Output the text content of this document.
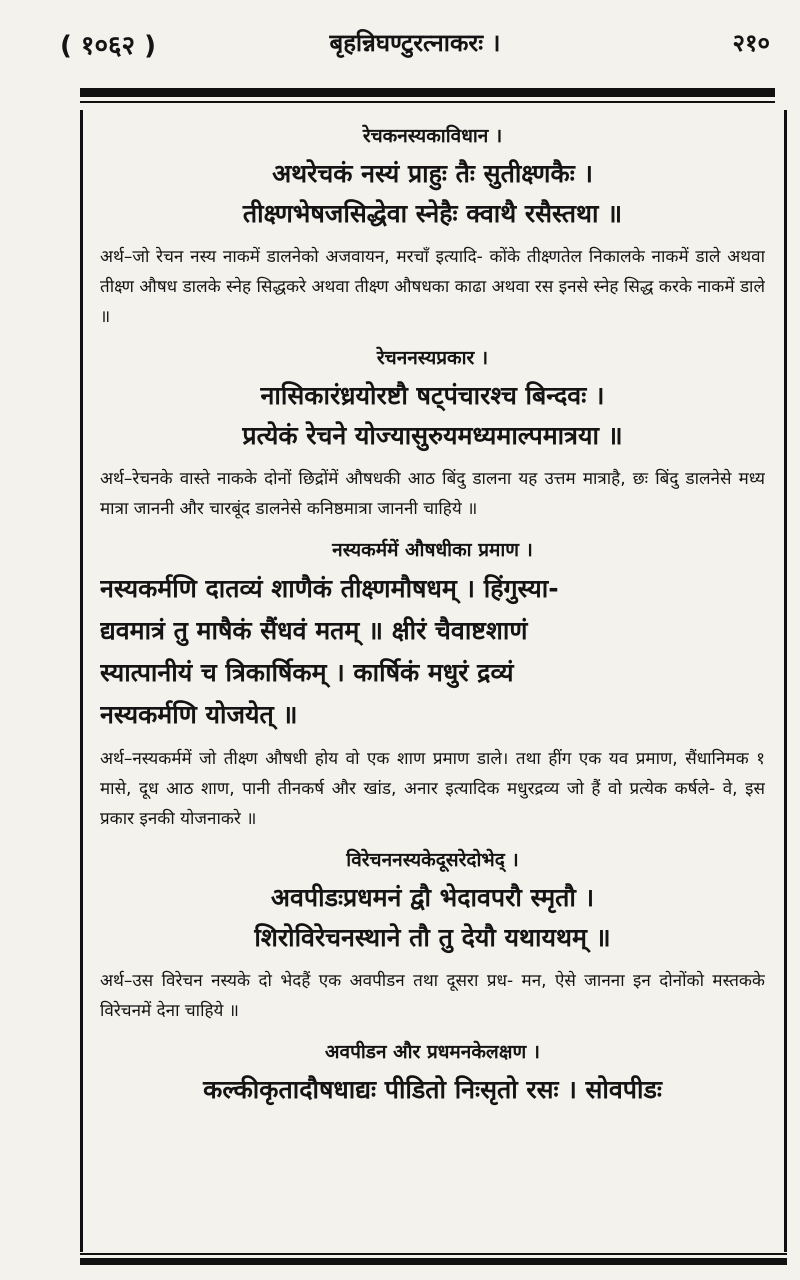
( १०६२ )	बृहन्निघण्टुरत्नाकरः ।	२१०
रेचकनस्यकाविधान ।

अथरेचकं नस्यं प्राहुः तैः सुतीक्ष्णकैः ।

तीक्ष्णभेषजसिद्धेवा स्नेहैः क्वाथै रसैस्तथा ॥

अर्थ–जो रेचन नस्य नाकमें डालनेको अजवायन, मरचाँ इत्यादि- कोंके तीक्ष्णतेल निकालके नाकमें डाले अथवा तीक्ष्ण औषध डालके स्नेह सिद्धकरे अथवा तीक्ष्ण औषधका काढा अथवा रस इनसे स्नेह सिद्ध करके नाकमें डाले ॥

रेचननस्यप्रकार ।

नासिकारंध्रयोरष्टौ षट्पंचारश्च बिन्दवः ।

प्रत्येकं रेचने योज्यासुरुयमध्यमाल्पमात्रया ॥

अर्थ–रेचनके वास्ते नाकके दोनों छिद्रोंमें औषधकी आठ बिंदु डालना यह उत्तम मात्राहै, छः बिंदु डालनेसे मध्य मात्रा जाननी और चारबूंद डालनेसे कनिष्ठमात्रा जाननी चाहिये ॥

नस्यकर्ममें औषधीका प्रमाण ।

नस्यकर्मणि दातव्यं शाणैकं तीक्ष्णमौषधम् । हिंगुस्या-

द्यवमात्रं तु माषैकं सैंधवं मतम् ॥ क्षीरं चैवाष्टशाणं

स्यात्पानीयं च त्रिकार्षिकम् । कार्षिकं मधुरं द्रव्यं

नस्यकर्मणि योजयेत् ॥

अर्थ–नस्यकर्ममें जो तीक्ष्ण औषधी होय वो एक शाण प्रमाण डाले। तथा हींग एक यव प्रमाण, सैंधानिमक १ मासे, दूध आठ शाण, पानी तीनकर्ष और खांड, अनार इत्यादिक मधुरद्रव्य जो हैं वो प्रत्येक कर्षले- वे, इस प्रकार इनकी योजनाकरे ॥

विरेचननस्यकेदूसरेदोभेद् ।

अवपीडःप्रधमनं द्वौ भेदावपरौ स्मृतौ ।

शिरोविरेचनस्थाने तौ तु देयौ यथायथम् ॥

अर्थ–उस विरेचन नस्यके दो भेदहैं एक अवपीडन तथा दूसरा प्रध- मन, ऐसे जानना इन दोनोंको मस्तकके विरेचनमें देना चाहिये ॥

अवपीडन और प्रधमनकेलक्षण ।

कल्कीकृतादौषधाद्यः पीडितो निःसृतो रसः । सोवपीडः
